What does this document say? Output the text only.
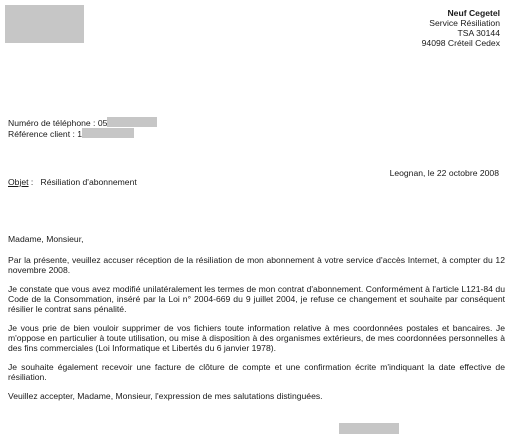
Neuf Cegetel
Service Résiliation
TSA 30144
94098 Créteil Cedex
Numéro de téléphone : 05
Référence client : 1
Leognan, le 22 octobre 2008
Objet : Résiliation d'abonnement

Madame, Monsieur,

Par la présente, veuillez accuser réception de la résiliation de mon abonnement à votre service d'accès Internet, à compter du 12 novembre 2008.

Je constate que vous avez modifié unilatéralement les termes de mon contrat d'abonnement. Conformément à l'article L121-84 du Code de la Consommation, inséré par la Loi n° 2004-669 du 9 juillet 2004, je refuse ce changement et souhaite par conséquent résilier le contrat sans pénalité.

Je vous prie de bien vouloir supprimer de vos fichiers toute information relative à mes coordonnées postales et bancaires. Je m'oppose en particulier à toute utilisation, ou mise à disposition à des organismes extérieurs, de mes coordonnées personnelles à des fins commerciales (Loi Informatique et Libertés du 6 janvier 1978).

Je souhaite également recevoir une facture de clôture de compte et une confirmation écrite m'indiquant la date effective de résiliation.

Veuillez accepter, Madame, Monsieur, l'expression de mes salutations distinguées.
